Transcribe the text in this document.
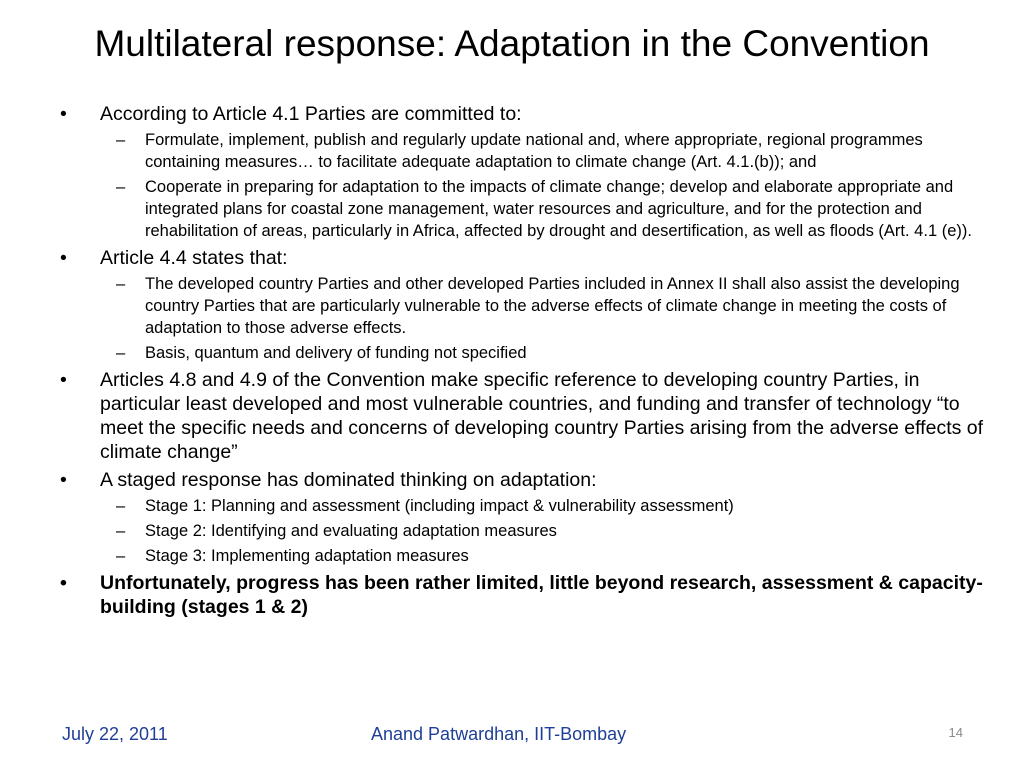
Multilateral response: Adaptation in the Convention
•	According to Article 4.1 Parties are committed to:
–	Formulate, implement, publish and regularly update national and, where appropriate, regional programmes containing measures… to facilitate adequate adaptation to climate change (Art. 4.1.(b)); and
–	Cooperate in preparing for adaptation to the impacts of climate change; develop and elaborate appropriate and integrated plans for coastal zone management, water resources and agriculture, and for the protection and rehabilitation of areas, particularly in Africa, affected by drought and desertification, as well as floods (Art. 4.1 (e)).
•	Article 4.4 states that:
–	The developed country Parties and other developed Parties included in Annex II shall also assist the developing country Parties that are particularly vulnerable to the adverse effects of climate change in meeting the costs of adaptation to those adverse effects.
–	Basis, quantum and delivery of funding not specified
•	Articles 4.8 and 4.9 of the Convention make specific reference to developing country Parties, in particular least developed and most vulnerable countries, and funding and transfer of technology “to meet the specific needs and concerns of developing country Parties arising from the adverse effects of climate change”
•	A staged response has dominated thinking on adaptation:
–	Stage 1: Planning and assessment (including impact & vulnerability assessment)
–	Stage 2: Identifying and evaluating adaptation measures
–	Stage 3: Implementing adaptation measures
•	Unfortunately, progress has been rather limited, little beyond research, assessment & capacity-building (stages 1 & 2)
July 22, 2011	Anand Patwardhan, IIT-Bombay	14
